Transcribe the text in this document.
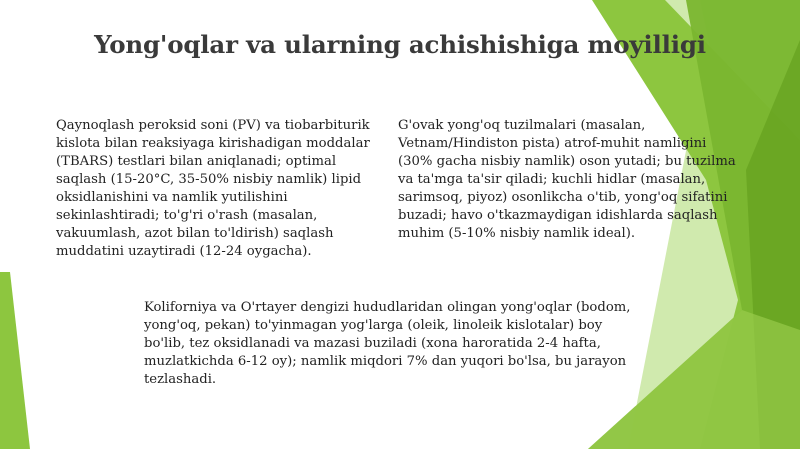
Yong'oqlar va ularning achishishiga moyilligi

Qaynoqlash peroksid soni (PV) va tiobarbiturik kislota bilan reaksiyaga kirishadigan moddalar (TBARS) testlari bilan aniqlanadi; optimal saqlash (15-20°C, 35-50% nisbiy namlik) lipid oksidlanishini va namlik yutilishini sekinlashtiradi; to'g'ri o'rash (masalan, vakuumlash, azot bilan to'ldirish) saqlash muddatini uzaytiradi (12-24 oygacha).

G'ovak yong'oq tuzilmalari (masalan, Vetnam/Hindiston pista) atrof-muhit namligini (30% gacha nisbiy namlik) oson yutadi; bu tuzilma va ta'mga ta'sir qiladi; kuchli hidlar (masalan, sarimsoq, piyoz) osonlikcha o'tib, yong'oq sifatini buzadi; havo o'tkazmaydigan idishlarda saqlash muhim (5-10% nisbiy namlik ideal).

Koliforniya va O'rtayer dengizi hududlaridan olingan yong'oqlar (bodom, yong'oq, pekan) to'yinmagan yog'larga (oleik, linoleik kislotalar) boy bo'lib, tez oksidlanadi va mazasi buziladi (xona haroratida 2-4 hafta, muzlatkichda 6-12 oy); namlik miqdori 7% dan yuqori bo'lsa, bu jarayon tezlashadi.
